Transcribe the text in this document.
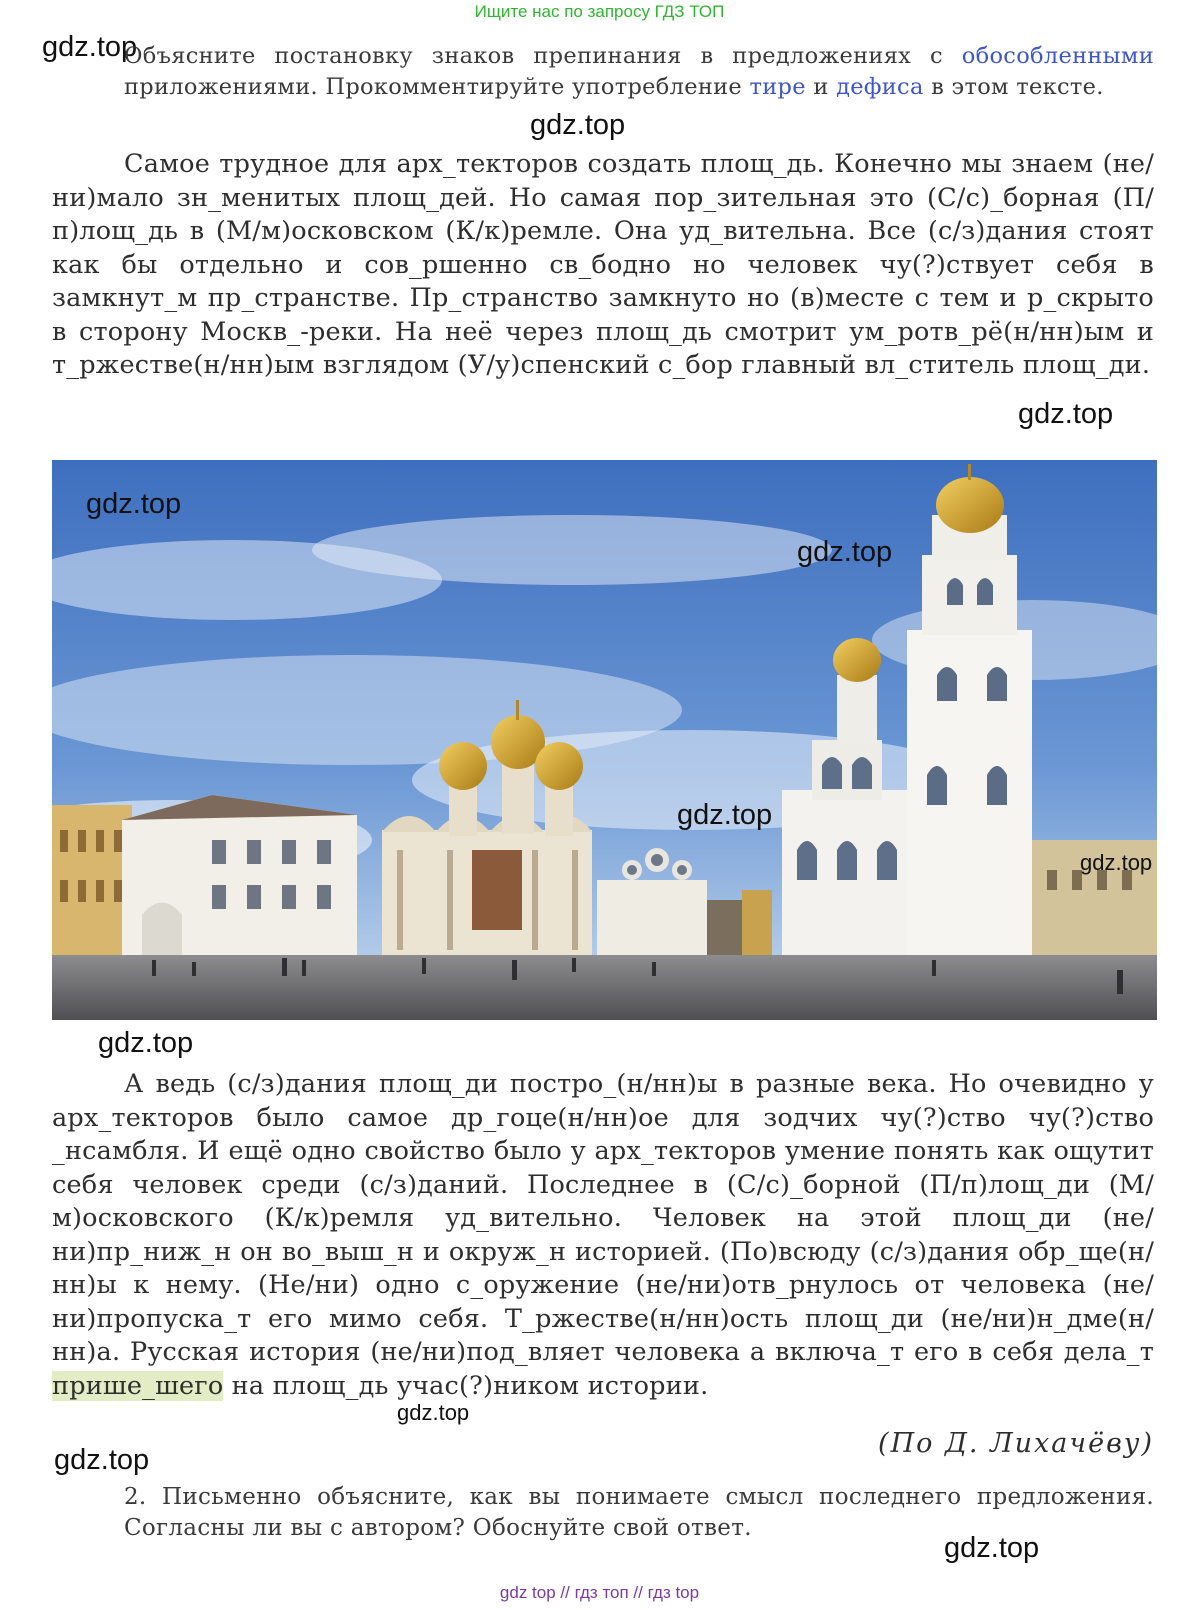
Ищите нас по запросу ГДЗ ТОП
gdz.top
Объясните постановку знаков препинания в предложениях с обособленными приложениями. Прокомментируйте употребление тире и дефиса в этом тексте.
gdz.top
Самое трудное для арх_текторов создать площ_дь. Конечно мы знаем (не/ни)мало зн_менитых площ_дей. Но самая пор_зительная это (С/с)_борная (П/п)лощ_дь в (М/м)осковском (К/к)ремле. Она уд_вительна. Все (с/з)дания стоят как бы отдельно и сов_ршенно св_бодно но человек чу(?)ствует себя в замкнут_м пр_странстве. Пр_странство замкнуто но (в)месте с тем и р_скрыто в сторону Москв_-реки. На неё через площ_дь смотрит ум_ротв_рё(н/нн)ым и т_ржестве(н/нн)ым взглядом (У/у)спенский с_бор главный вл_ститель площ_ди.
gdz.top
gdz.top
gdz.top
gdz.top
gdz.top
gdz.top
А ведь (с/з)дания площ_ди постро_(н/нн)ы в разные века. Но очевидно у арх_текторов было самое др_гоце(н/нн)ое для зодчих чу(?)ство чу(?)ство _нсамбля. И ещё одно свойство было у арх_текторов умение понять как ощутит себя человек среди (с/з)даний. Последнее в (С/с)_борной (П/п)лощ_ди (М/м)осковского (К/к)ремля уд_вительно. Человек на этой площ_ди (не/ни)пр_ниж_н он во_выш_н и окруж_н историей. (По)всюду (с/з)дания обр_ще(н/нн)ы к нему. (Не/ни) одно с_оружение (не/ни)отв_рнулось от человека (не/ни)пропуска_т его мимо себя. Т_ржестве(н/нн)ость площ_ди (не/ни)н_дме(н/нн)а. Русская история (не/ни)под_вляет человека а включа_т его в себя дела_т прише_шего на площ_дь учас(?)ником истории.
gdz.top
gdz.top
(По Д. Лихачёву)
2. Письменно объясните, как вы понимаете смысл последнего предложения. Согласны ли вы с автором? Обоснуйте свой ответ.
gdz.top
gdz top // гдз топ // гдз top
